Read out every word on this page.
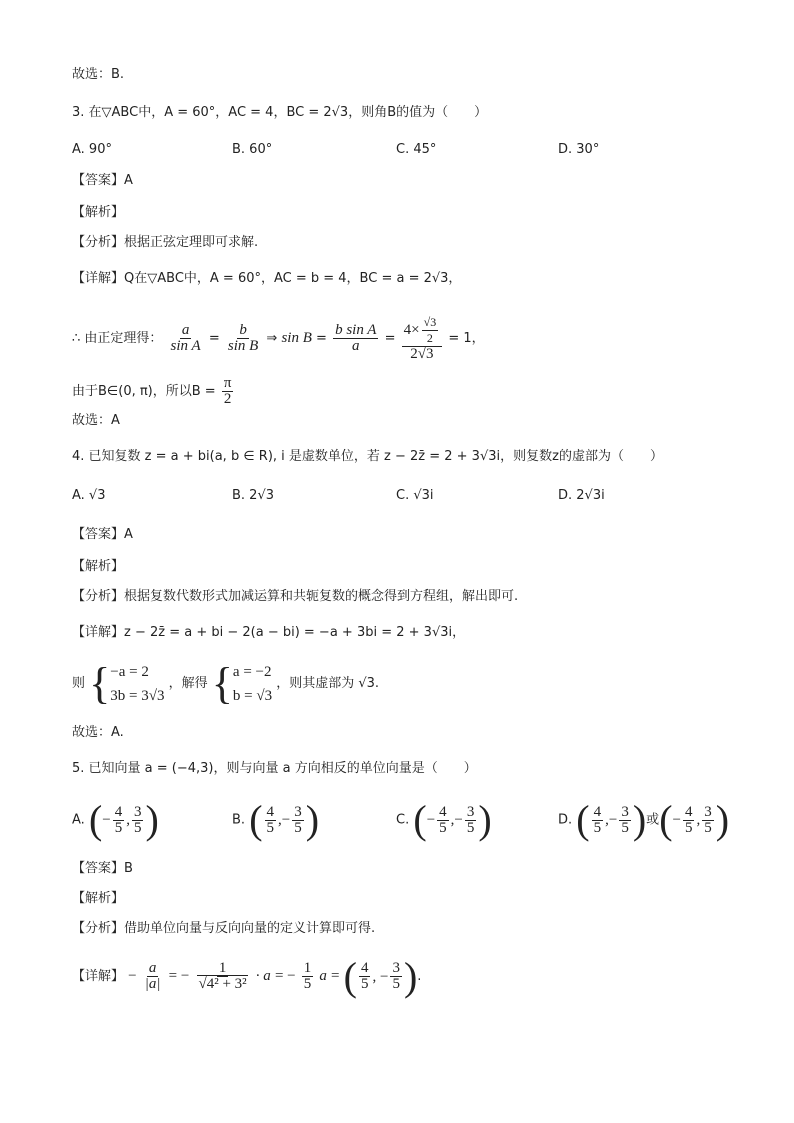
故选：B.
3. 在▽ABC中，A = 60°，AC = 4，BC = 2√3，则角B的值为（　　）
A. 90°	B. 60°	C. 45°	D. 30°
【答案】A
【解析】
【分析】根据正弦定理即可求解.
【详解】Q在▽ABC中，A = 60°，AC = b = 4，BC = a = 2√3，
∴ 由正定理得： $\frac{a}{\text{sin A}} = \frac{b}{\text{sin B}}$ ⇒ $\sin B = \frac{\text{b sin A}}{a} = \frac{4\times \frac{√3}{2}}{2√3} = 1$，
由于B∈(0, π)，所以$B = \frac{\pi}{2}$
故选：A
4. 已知复数 z = a + bi(a, b ∈ R), i 是虚数单位，若 z − 2z̄ = 2 + 3√3i，则复数z的虚部为（　　）
A. √3	B. 2√3	C. √3i	D. 2√3i
【答案】A
【解析】
【分析】根据复数代数形式加减运算和共轭复数的概念得到方程组，解出即可.
【详解】z − 2z̄ = a + bi − 2(a − bi) = −a + 3bi = 2 + 3√3i，
则 { −a = 2
3b = 3√3
，解得 { a = −2
b = √3
，则其虚部为 √3.
故选：A.
5. 已知向量 a = (−4,3)，则与向量 a 方向相反的单位向量是（　　）
A. ( − $\frac{4}{5}$ , $\frac{3}{5}$ )	B. ( $\frac{4}{5}$ ,− $\frac{3}{5}$ )	C. ( − $\frac{4}{5}$ ,− $\frac{3}{5}$ )	D. ( $\frac{4}{5}$ ,− $\frac{3}{5}$ ) 或 ( − $\frac{4}{5}$ , $\frac{3}{5}$ )
【答案】B
【解析】
【分析】借助单位向量与反向向量的定义计算即可得.
【详解】 − $\frac{a}{|a|}$ = − $\frac{1}{\text{√4² + 3²}} \cdot a$ = − $\frac{1}{5}$ a = ( $\frac{4}{5}$ , − $\frac{3}{5}$ ) .
